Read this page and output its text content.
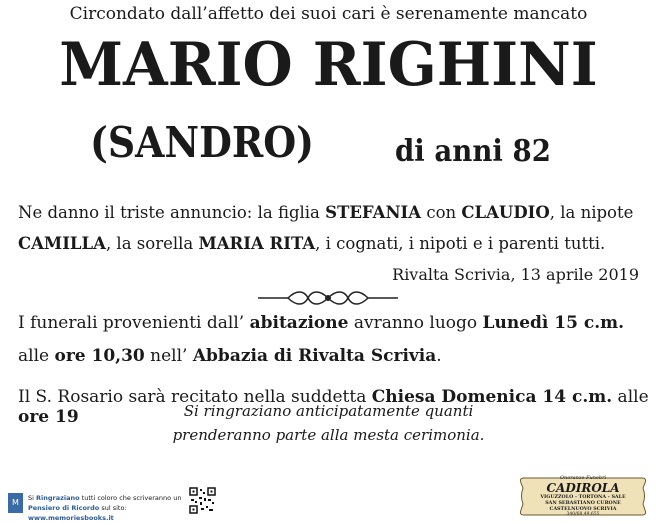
Circondato dall’affetto dei suoi cari è serenamente mancato
MARIO RIGHINI
(SANDRO)	di anni 82
Ne danno il triste annuncio: la figlia STEFANIA con CLAUDIO, la nipote CAMILLA, la sorella MARIA RITA, i cognati, i nipoti e i parenti tutti.
Rivalta Scrivia, 13 aprile 2019
I funerali provenienti dall’ abitazione avranno luogo Lunedì 15 c.m.
alle ore 10,30 nell’ Abbazia di Rivalta Scrivia.
Il S. Rosario sarà recitato nella suddetta Chiesa Domenica 14 c.m. alle ore 19	Si ringraziano anticipatamente quanti
prenderanno parte alla mesta cerimonia.
M	Si Ringraziano tutti coloro che scriveranno un
Pensiero di Ricordo sul sito: www.memoriesbooks.it
Onoranze Funebri
CADIROLA
VIGUZZOLO - TORTONA - SALE
SAN SEBASTIANO CURONE
CASTELNUOVO SCRIVIA
340/68.49.655
